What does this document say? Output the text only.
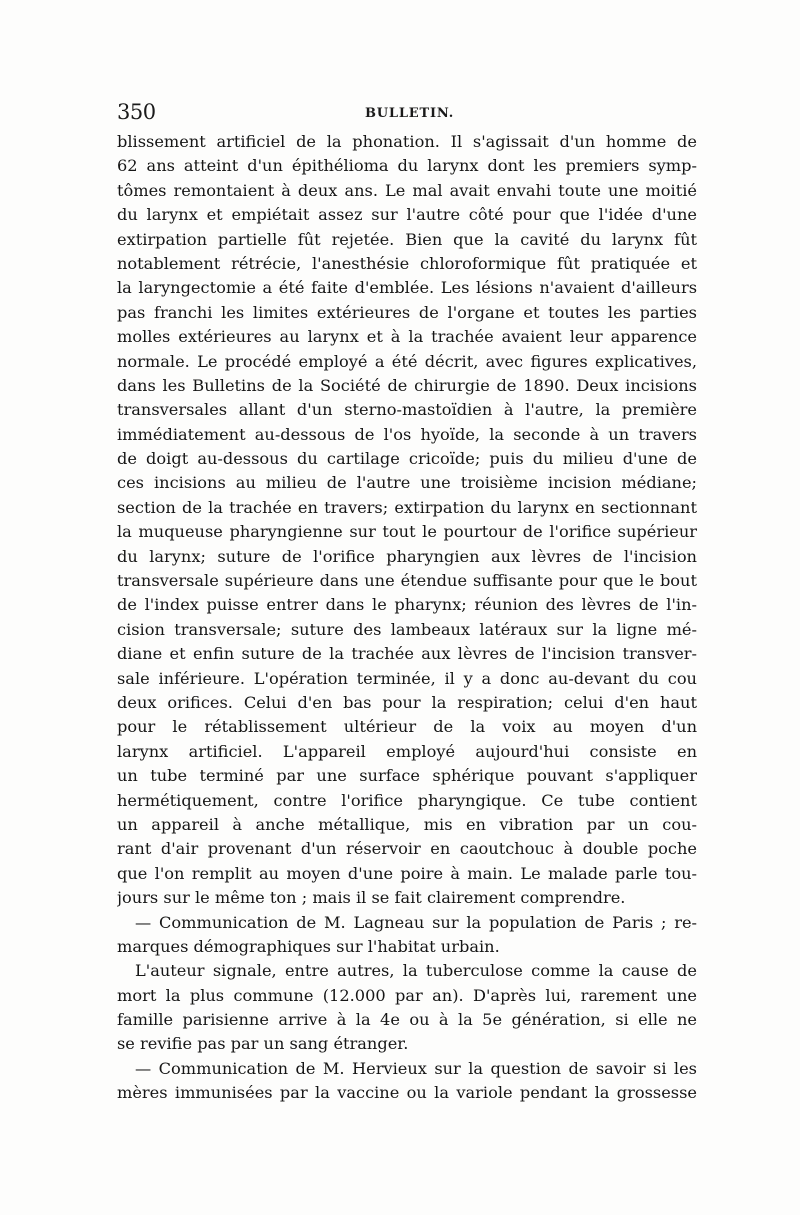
350	BULLETIN.
blissement artificiel de la phonation. Il s'agissait d'un homme de
62 ans atteint d'un épithélioma du larynx dont les premiers symp-
tômes remontaient à deux ans. Le mal avait envahi toute une moitié
du larynx et empiétait assez sur l'autre côté pour que l'idée d'une
extirpation partielle fût rejetée. Bien que la cavité du larynx fût
notablement rétrécie, l'anesthésie chloroformique fût pratiquée et
la laryngectomie a été faite d'emblée. Les lésions n'avaient d'ailleurs
pas franchi les limites extérieures de l'organe et toutes les parties
molles extérieures au larynx et à la trachée avaient leur apparence
normale. Le procédé employé a été décrit, avec figures explicatives,
dans les Bulletins de la Société de chirurgie de 1890. Deux incisions
transversales allant d'un sterno-mastoïdien à l'autre, la première
immédiatement au-dessous de l'os hyoïde, la seconde à un travers
de doigt au-dessous du cartilage cricoïde; puis du milieu d'une de
ces incisions au milieu de l'autre une troisième incision médiane;
section de la trachée en travers; extirpation du larynx en sectionnant
la muqueuse pharyngienne sur tout le pourtour de l'orifice supérieur
du larynx; suture de l'orifice pharyngien aux lèvres de l'incision
transversale supérieure dans une étendue suffisante pour que le bout
de l'index puisse entrer dans le pharynx; réunion des lèvres de l'in-
cision transversale; suture des lambeaux latéraux sur la ligne mé-
diane et enfin suture de la trachée aux lèvres de l'incision transver-
sale inférieure. L'opération terminée, il y a donc au-devant du cou
deux orifices. Celui d'en bas pour la respiration; celui d'en haut
pour le rétablissement ultérieur de la voix au moyen d'un
larynx artificiel. L'appareil employé aujourd'hui consiste en
un tube terminé par une surface sphérique pouvant s'appliquer
hermétiquement, contre l'orifice pharyngique. Ce tube contient
un appareil à anche métallique, mis en vibration par un cou-
rant d'air provenant d'un réservoir en caoutchouc à double poche
que l'on remplit au moyen d'une poire à main. Le malade parle tou-
jours sur le même ton ; mais il se fait clairement comprendre.
— Communication de M. Lagneau sur la population de Paris ; re-
marques démographiques sur l'habitat urbain.
L'auteur signale, entre autres, la tuberculose comme la cause de
mort la plus commune (12.000 par an). D'après lui, rarement une
famille parisienne arrive à la 4e ou à la 5e génération, si elle ne
se revifie pas par un sang étranger.
— Communication de M. Hervieux sur la question de savoir si les
mères immunisées par la vaccine ou la variole pendant la grossesse
